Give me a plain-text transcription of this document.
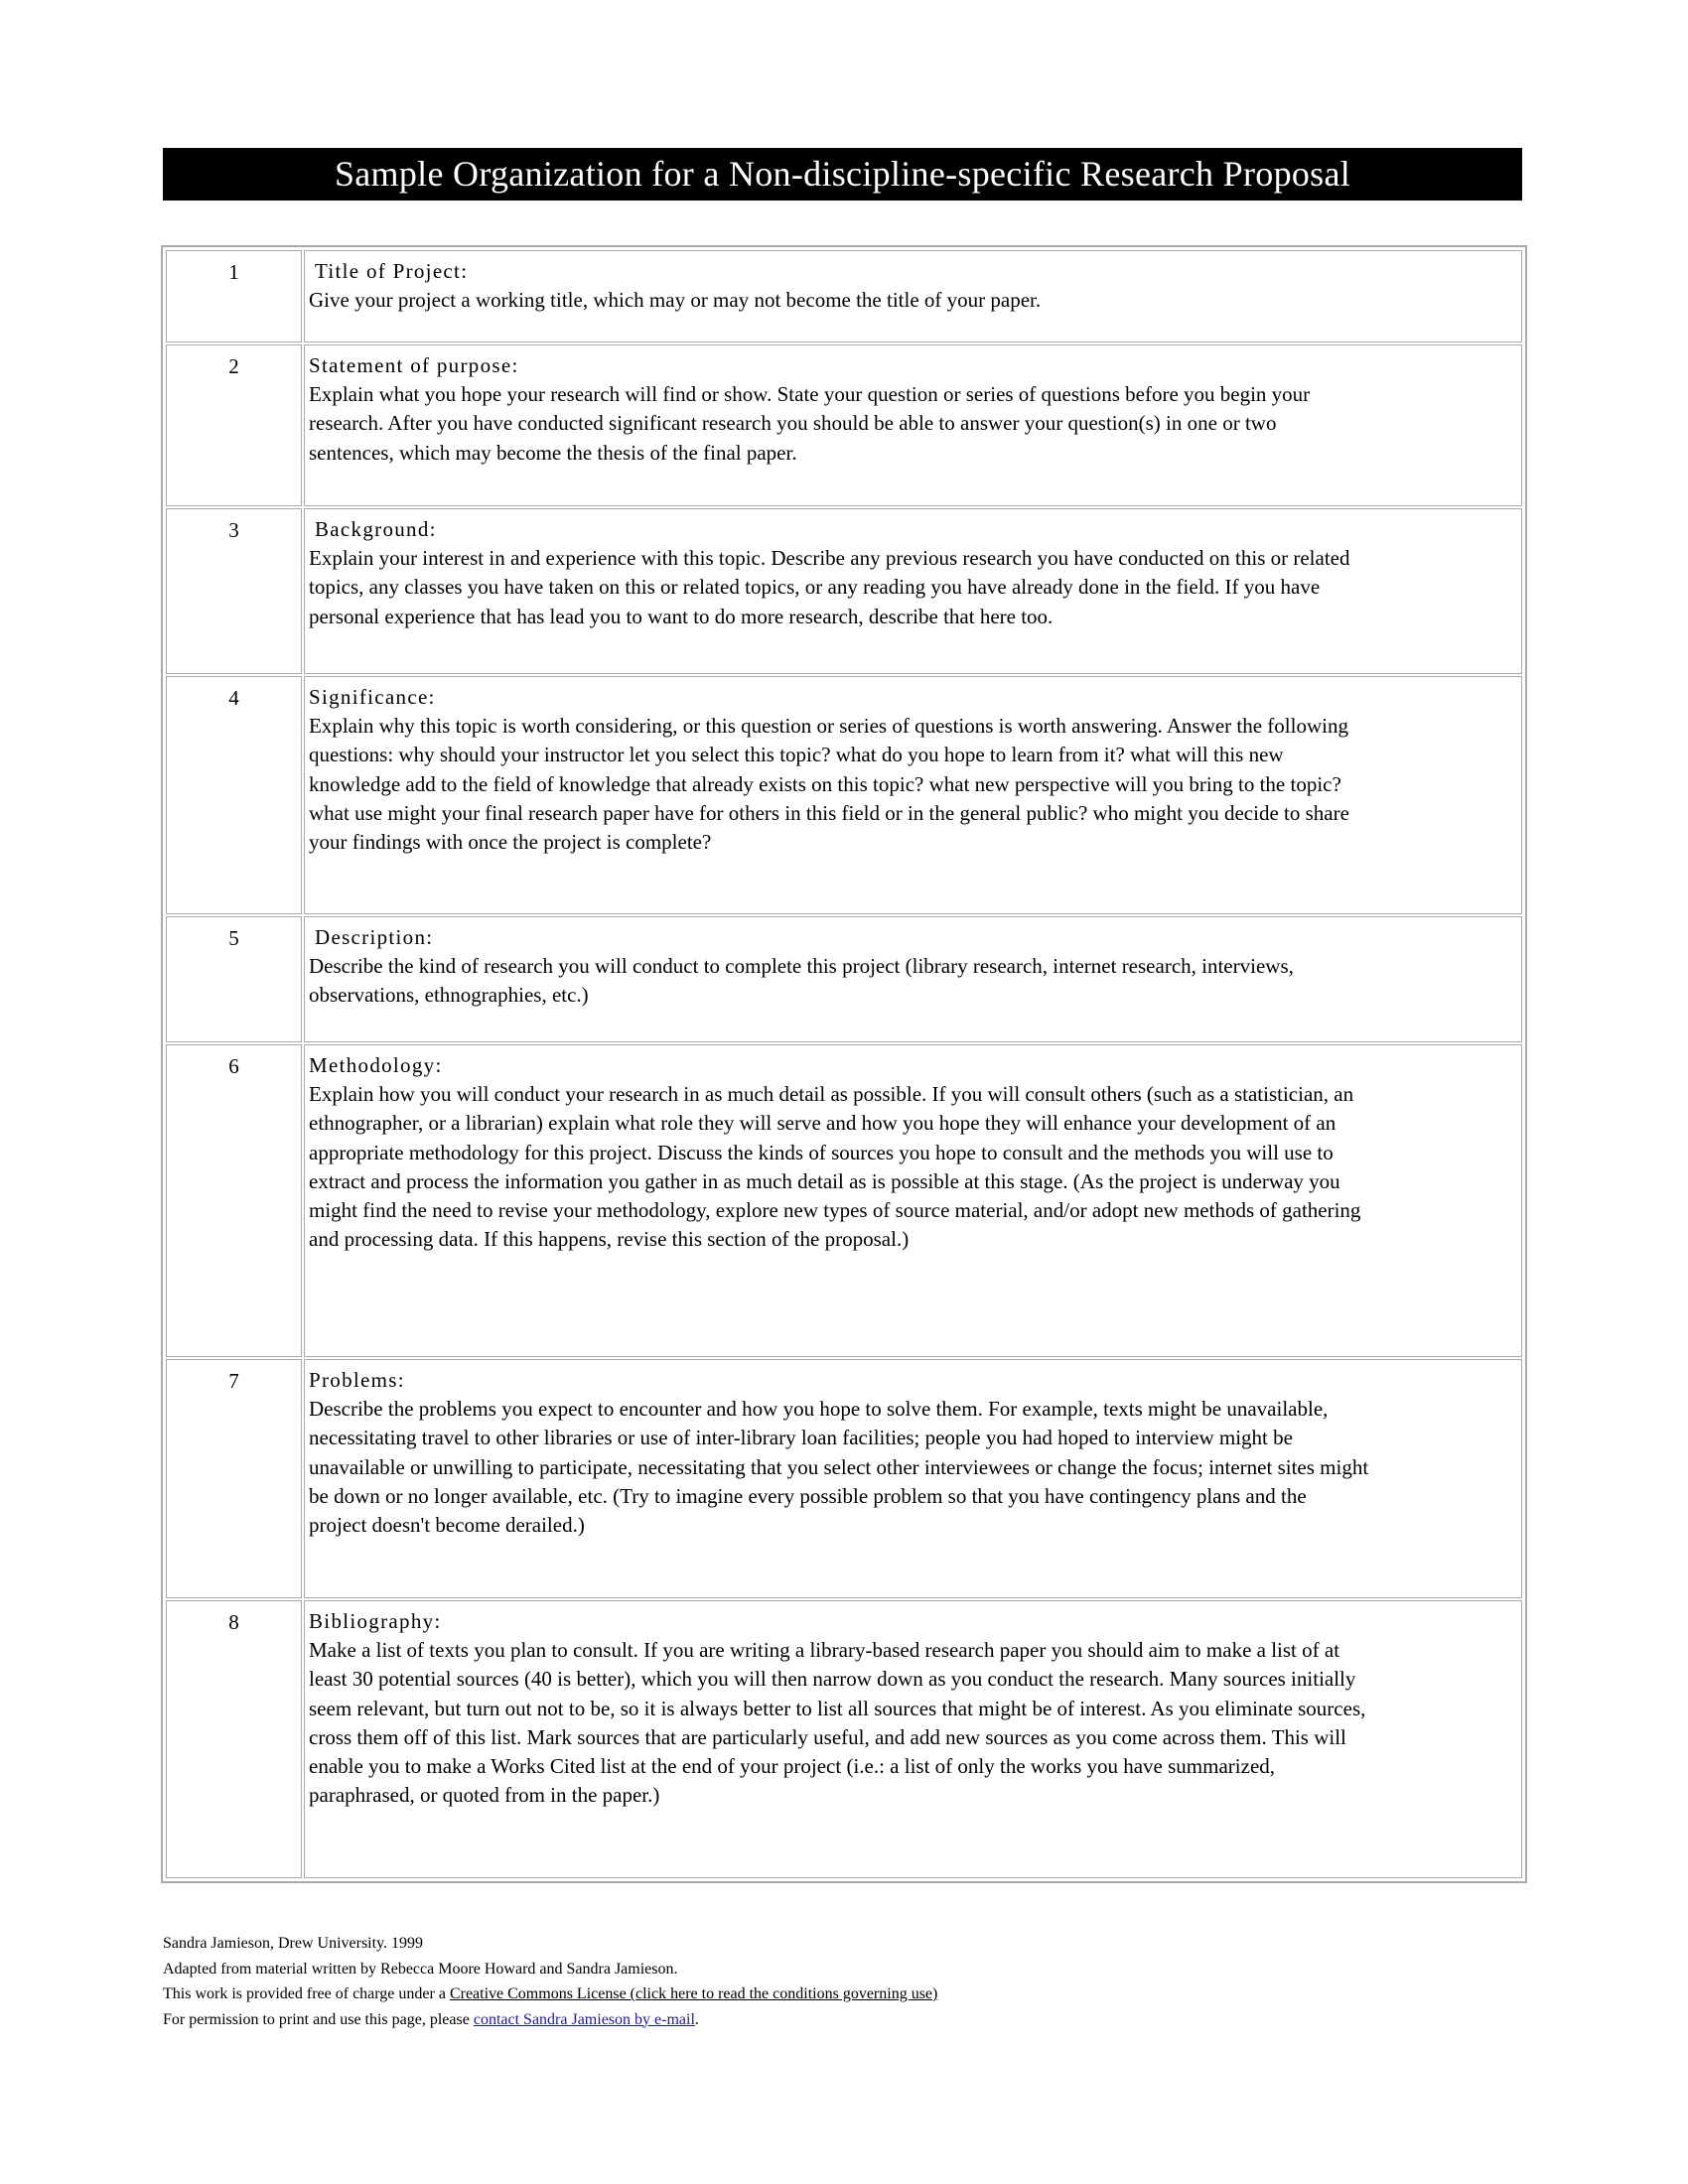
Sample Organization for a Non-discipline-specific Research Proposal
1	Title of Project:
Give your project a working title, which may or may not become the title of your paper.
2	Statement of purpose:
Explain what you hope your research will find or show. State your question or series of questions before you begin your
research. After you have conducted significant research you should be able to answer your question(s) in one or two
sentences, which may become the thesis of the final paper.
3	Background:
Explain your interest in and experience with this topic. Describe any previous research you have conducted on this or related
topics, any classes you have taken on this or related topics, or any reading you have already done in the field. If you have
personal experience that has lead you to want to do more research, describe that here too.
4	Significance:
Explain why this topic is worth considering, or this question or series of questions is worth answering. Answer the following
questions: why should your instructor let you select this topic? what do you hope to learn from it? what will this new
knowledge add to the field of knowledge that already exists on this topic? what new perspective will you bring to the topic?
what use might your final research paper have for others in this field or in the general public? who might you decide to share
your findings with once the project is complete?
5	Description:
Describe the kind of research you will conduct to complete this project (library research, internet research, interviews,
observations, ethnographies, etc.)
6	Methodology:
Explain how you will conduct your research in as much detail as possible. If you will consult others (such as a statistician, an
ethnographer, or a librarian) explain what role they will serve and how you hope they will enhance your development of an
appropriate methodology for this project. Discuss the kinds of sources you hope to consult and the methods you will use to
extract and process the information you gather in as much detail as is possible at this stage. (As the project is underway you
might find the need to revise your methodology, explore new types of source material, and/or adopt new methods of gathering
and processing data. If this happens, revise this section of the proposal.)
7	Problems:
Describe the problems you expect to encounter and how you hope to solve them. For example, texts might be unavailable,
necessitating travel to other libraries or use of inter-library loan facilities; people you had hoped to interview might be
unavailable or unwilling to participate, necessitating that you select other interviewees or change the focus; internet sites might
be down or no longer available, etc. (Try to imagine every possible problem so that you have contingency plans and the
project doesn't become derailed.)
8	Bibliography:
Make a list of texts you plan to consult. If you are writing a library-based research paper you should aim to make a list of at
least 30 potential sources (40 is better), which you will then narrow down as you conduct the research. Many sources initially
seem relevant, but turn out not to be, so it is always better to list all sources that might be of interest. As you eliminate sources,
cross them off of this list. Mark sources that are particularly useful, and add new sources as you come across them. This will
enable you to make a Works Cited list at the end of your project (i.e.: a list of only the works you have summarized,
paraphrased, or quoted from in the paper.)
Sandra Jamieson, Drew University. 1999
Adapted from material written by Rebecca Moore Howard and Sandra Jamieson.
This work is provided free of charge under a Creative Commons License (click here to read the conditions governing use)
For permission to print and use this page, please contact Sandra Jamieson by e-mail.
